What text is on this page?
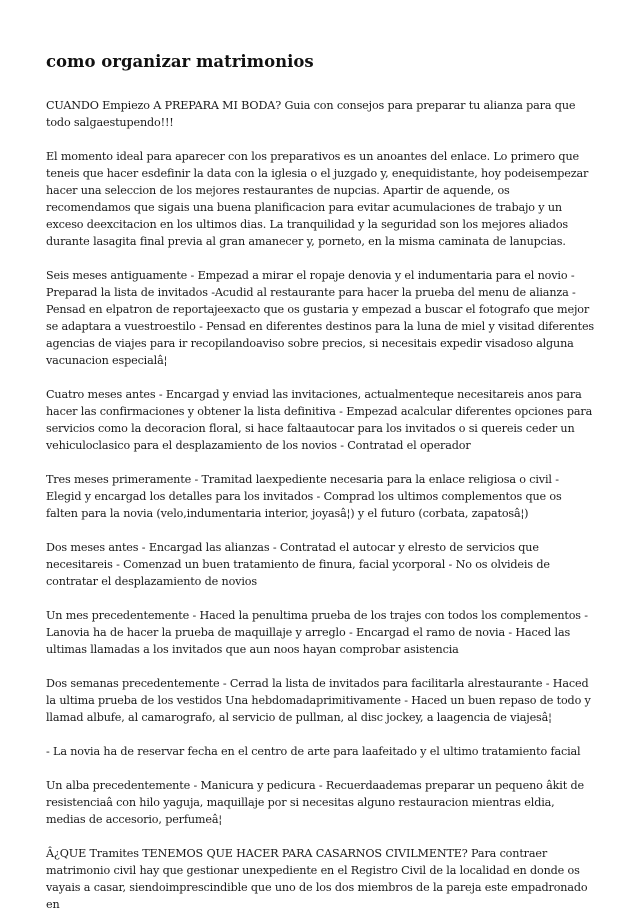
como organizar matrimonios

CUANDO Empiezo A PREPARA MI BODA? Guia con consejos para preparar tu alianza para que todo salgaestupendo!!!

El momento ideal para aparecer con los preparativos es un anoantes del enlace. Lo primero que teneis que hacer esdefinir la data con la iglesia o el juzgado y, enequidistante, hoy podeisempezar hacer una seleccion de los mejores restaurantes de nupcias. Apartir de aquende, os recomendamos que sigais una buena planificacion para evitar acumulaciones de trabajo y un exceso deexcitacion en los ultimos dias. La tranquilidad y la seguridad son los mejores aliados durante lasagita final previa al gran amanecer y, porneto, en la misma caminata de lanupcias.

Seis meses antiguamente - Empezad a mirar el ropaje denovia y el indumentaria para el novio - Preparad la lista de invitados -Acudid al restaurante para hacer la prueba del menu de alianza - Pensad en elpatron de reportajeexacto que os gustaria y empezad a buscar el fotografo que mejor se adaptara a vuestroestilo - Pensad en diferentes destinos para la luna de miel y visitad diferentes agencias de viajes para ir recopilandoaviso sobre precios, si necesitais expedir visadoso alguna vacunacion especialâ¦

Cuatro meses antes - Encargad y enviad las invitaciones, actualmenteque necesitareis anos para hacer las confirmaciones y obtener la lista definitiva - Empezad acalcular diferentes opciones para servicios como la decoracion floral, si hace faltaautocar para los invitados o si quereis ceder un vehiculoclasico para el desplazamiento de los novios - Contratad el operador

Tres meses primeramente - Tramitad laexpediente necesaria para la enlace religiosa o civil -Elegid y encargad los detalles para los invitados - Comprad los ultimos complementos que os falten para la novia (velo,indumentaria interior, joyasâ¦) y el futuro (corbata, zapatosâ¦)

Dos meses antes - Encargad las alianzas - Contratad el autocar y elresto de servicios que necesitareis - Comenzad un buen tratamiento de finura, facial ycorporal - No os olvideis de contratar el desplazamiento de novios

Un mes precedentemente - Haced la penultima prueba de los trajes con todos los complementos - Lanovia ha de hacer la prueba de maquillaje y arreglo - Encargad el ramo de novia - Haced las ultimas llamadas a los invitados que aun noos hayan comprobar asistencia

Dos semanas precedentemente - Cerrad la lista de invitados para facilitarla alrestaurante - Haced la ultima prueba de los vestidos Una hebdomadaprimitivamente - Haced un buen repaso de todo y llamad albufe, al camarografo, al servicio de pullman, al disc jockey, a laagencia de viajesâ¦

- La novia ha de reservar fecha en el centro de arte para laafeitado y el ultimo tratamiento facial

Un alba precedentemente - Manicura y pedicura - Recuerdaademas preparar un pequeno âkit de resistenciaâ con hilo yaguja, maquillaje por si necesitas alguno restauracion mientras eldia, medias de accesorio, perfumeâ¦

Â¿QUE Tramites TENEMOS QUE HACER PARA CASARNOS CIVILMENTE? Para contraer matrimonio civil hay que gestionar unexpediente en el Registro Civil de la localidad en donde os vayais a casar, siendoimprescindible que uno de los dos miembros de la pareja este empadronado en
